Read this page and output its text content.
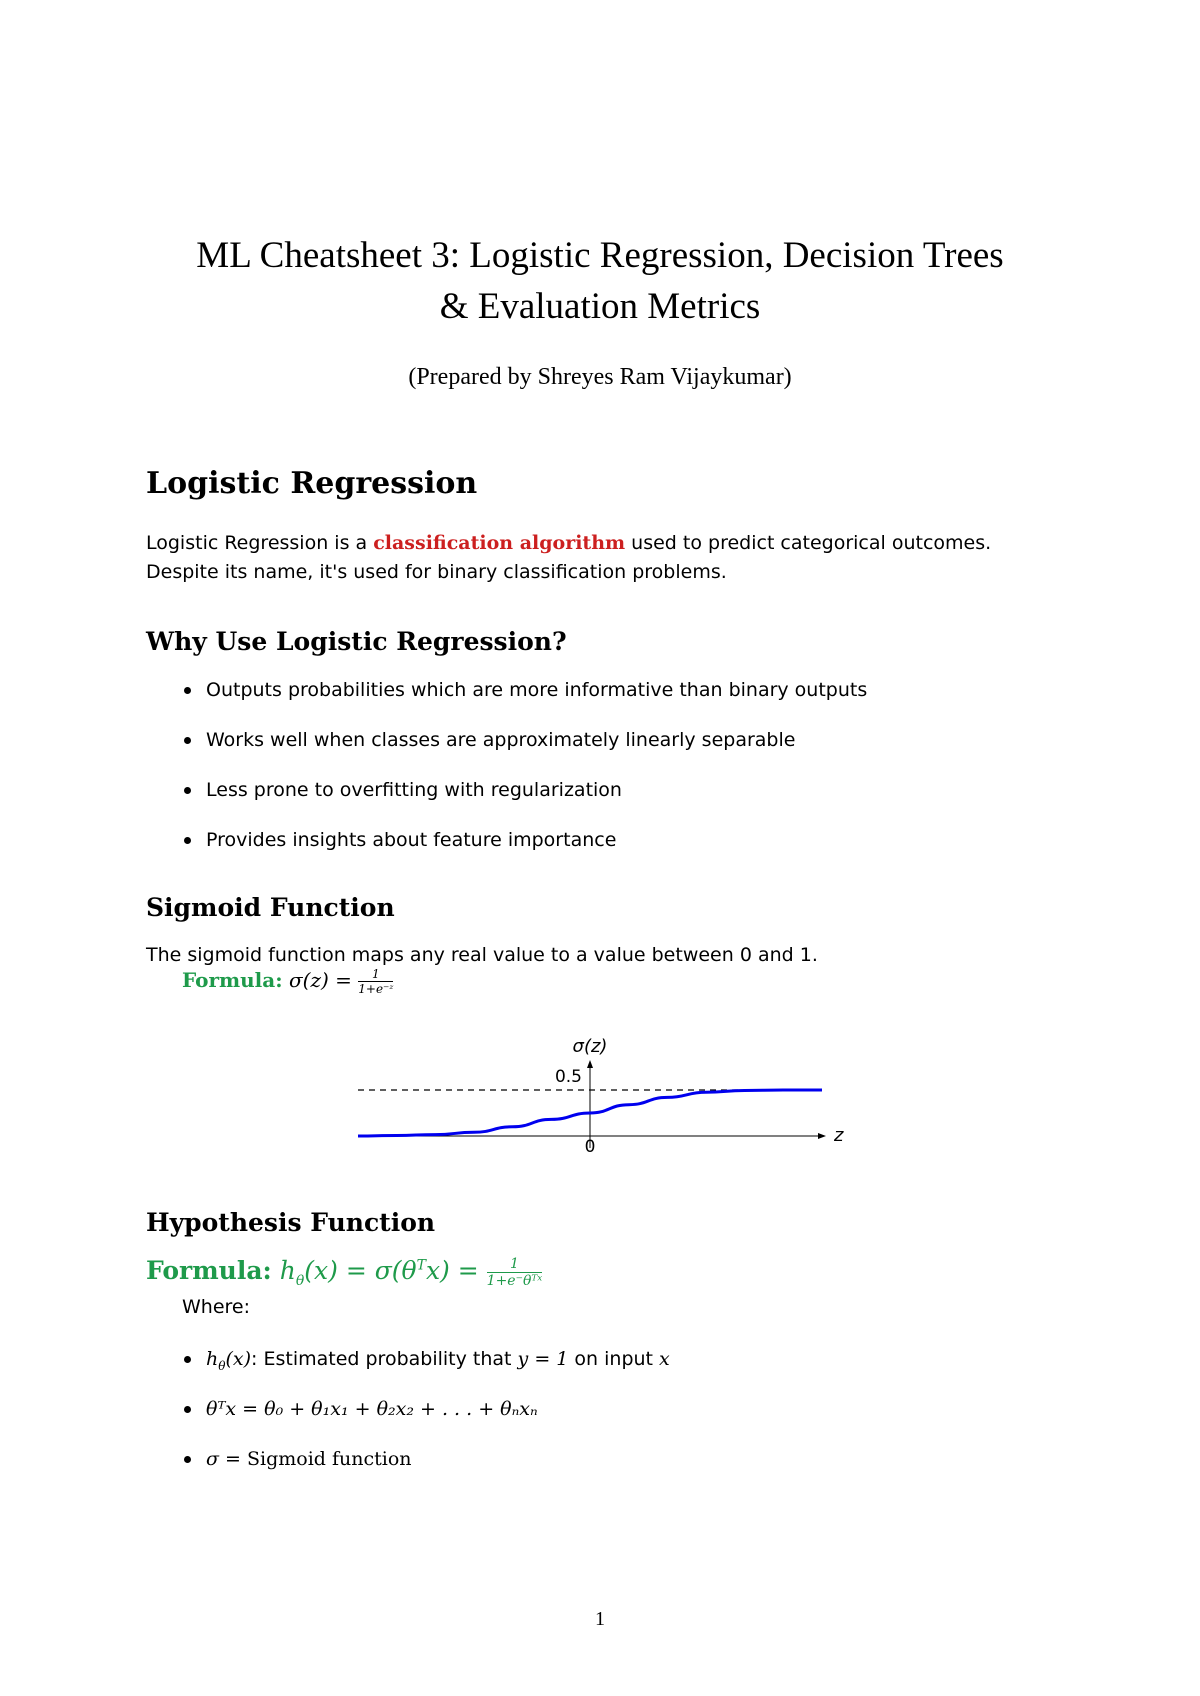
ML Cheatsheet 3: Logistic Regression, Decision Trees
& Evaluation Metrics
(Prepared by Shreyes Ram Vijaykumar)
Logistic Regression
Logistic Regression is a classification algorithm used to predict categorical outcomes.
Despite its name, it's used for binary classification problems.
Why Use Logistic Regression?
Outputs probabilities which are more informative than binary outputs
Works well when classes are approximately linearly separable
Less prone to overfitting with regularization
Provides insights about feature importance
Sigmoid Function
The sigmoid function maps any real value to a value between 0 and 1.
Formula: $\sigma(z) = \frac{1}{\text{1+e⁻ᶻ}}$
σ(z)
0.5
0
z
Hypothesis Function
Formula: $h_\theta(x) = \sigma(\theta^Tx) = \frac{1}{\text{1+e⁻θᵀˣ}}$
Where:
$h_\theta(x)$: Estimated probability that y = 1 on input x
θᵀx = θ₀ + θ₁x₁ + θ₂x₂ + . . . + θₙxₙ
σ = Sigmoid function
1
